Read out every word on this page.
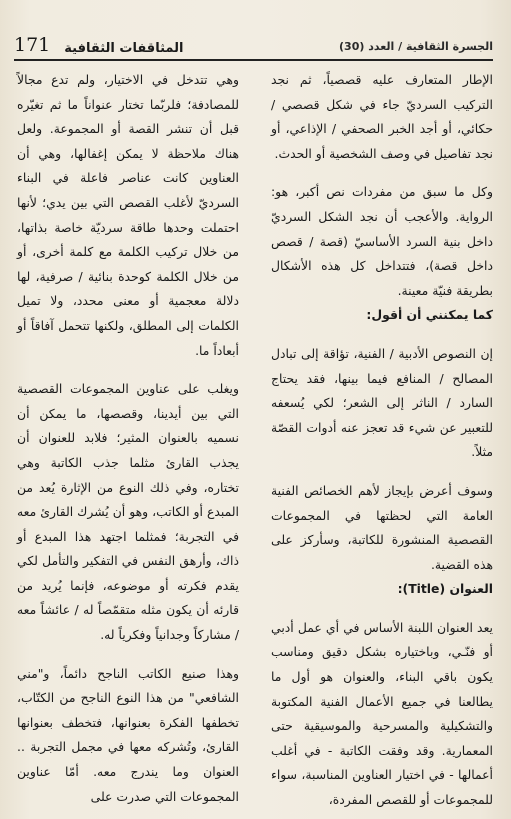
الجسرة الثقافية / العدد (30)
171 المثاقفات الثقافية

الإطار المتعارف عليه قصصياً، ثم نجد التركيب السرديّ جاء في شكل قصصي / حكائي، أو أجد الخبر الصحفي / الإذاعي، أو نجد تفاصيل في وصف الشخصية أو الحدث.

وكل ما سبق من مفردات نص أكبر، هو: الرواية. والأعجب أن نجد الشكل السرديّ داخل بنية السرد الأساسيّ (قصة / قصص داخل قصة)، فتتداخل كل هذه الأشكال بطريقة فنيّة معينة.

كما يمكنني أن أقول:

إن النصوص الأدبية / الفنية، تؤاقة إلى تبادل المصالح / المنافع فيما بينها، فقد يحتاج السارد / الناثر إلى الشعر؛ لكي يُسعفه للتعبير عن شيء قد تعجز عنه أدوات القصّة مثلاً.

وسوف أعرض بإيجاز لأهم الخصائص الفنية العامة التي لحظتها في المجموعات القصصية المنشورة للكاتبة، وسأركز على هذه القضية.

العنوان (Title):

يعد العنوان اللبنة الأساس في أي عمل أدبي أو فنّـي، وباختياره بشكل دقيق ومناسب يكون باقي البناء، والعنوان هو أول ما يطالعنا في جميع الأعمال الفنية المكتوبة والتشكيلية والمسرحية والموسيقية حتى المعمارية. وقد وفقت الكاتبة - في أغلب أعمالها - في اختيار العناوين المناسبة، سواء للمجموعات أو للقصص المفردة،

وهي تتدخل في الاختيار، ولم تدع مجالاً للمصادفة؛ فلربّما تختار عنواناً ما ثم تغيّره قبل أن تنشر القصة أو المجموعة. ولعل هناك ملاحظة لا يمكن إغفالها، وهي أن العناوين كانت عناصر فاعلة في البناء السرديّ لأغلب القصص التي بين يدي؛ لأنها احتملت وحدها طاقة سرديّة خاصة بذاتها، من خلال تركيب الكلمة مع كلمة أخرى، أو من خلال الكلمة كوحدة بنائية / صرفية، لها دلالة معجمية أو معنى محدد، ولا تميل الكلمات إلى المطلق، ولكنها تتحمل آفاقاً أو أبعاداً ما.

ويغلب على عناوين المجموعات القصصية التي بين أيدينا، وقصصها، ما يمكن أن نسميه بالعنوان المثير؛ فلابد للعنوان أن يجذب القارئ مثلما جذب الكاتبة وهي تختاره، وفي ذلك النوع من الإثارة يُعد من المبدع أو الكاتب، وهو أن يُشرك القارئ معه في التجربة؛ فمثلما اجتهد هذا المبدع أو ذاك، وأرهق النفس في التفكير والتأمل لكي يقدم فكرته أو موضوعه، فإنما يُريد من قارئه أن يكون مثله متقمّصاً له / عائشاً معه / مشاركاً وجدانياً وفكرياً له.

وهذا صنيع الكاتب الناجح دائماً، و"مني الشافعي" من هذا النوع الناجح من الكتّاب، تخطفها الفكرة بعنوانها، فتخطف بعنوانها القارئ، وتُشركه معها في مجمل التجربة .. العنوان وما يندرج معه. أمّا عناوين المجموعات التي صدرت على
